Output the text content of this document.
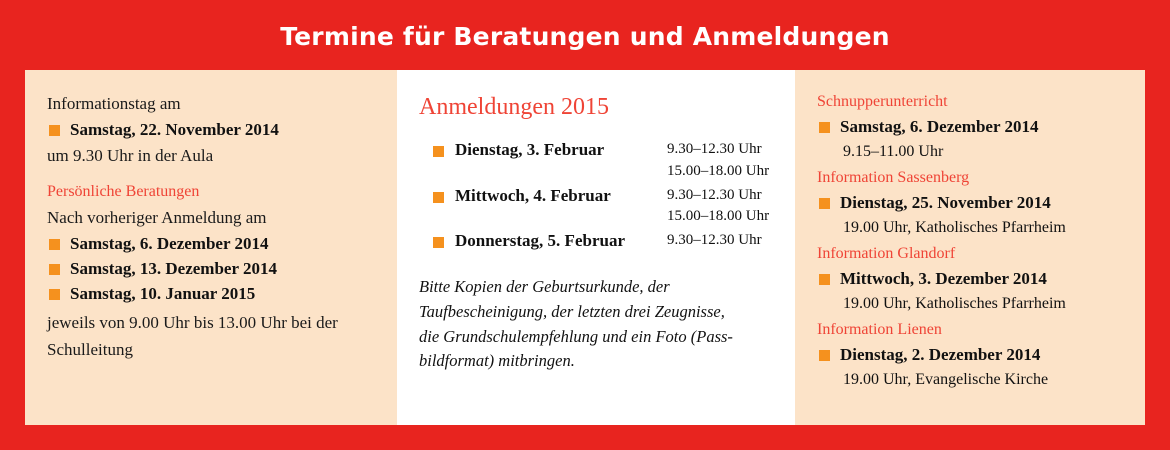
Termine für Beratungen und Anmeldungen
Informationstag am
Samstag, 22. November 2014
um 9.30 Uhr in der Aula
Persönliche Beratungen
Nach vorheriger Anmeldung am
Samstag, 6. Dezember 2014
Samstag, 13. Dezember 2014
Samstag, 10. Januar 2015
jeweils von 9.00 Uhr bis 13.00 Uhr bei der
Schulleitung
Anmeldungen 2015
Dienstag, 3. Februar	9.30–12.30 Uhr
15.00–18.00 Uhr
Mittwoch, 4. Februar	9.30–12.30 Uhr
15.00–18.00 Uhr
Donnerstag, 5. Februar	9.30–12.30 Uhr
Bitte Kopien der Geburtsurkunde, der
Taufbescheinigung, der letzten drei Zeugnisse,
die Grundschulempfehlung und ein Foto (Pass-
bildformat) mitbringen.
Schnupperunterricht
Samstag, 6. Dezember 2014
9.15–11.00 Uhr
Information Sassenberg
Dienstag, 25. November 2014
19.00 Uhr, Katholisches Pfarrheim
Information Glandorf
Mittwoch, 3. Dezember 2014
19.00 Uhr, Katholisches Pfarrheim
Information Lienen
Dienstag, 2. Dezember 2014
19.00 Uhr, Evangelische Kirche
